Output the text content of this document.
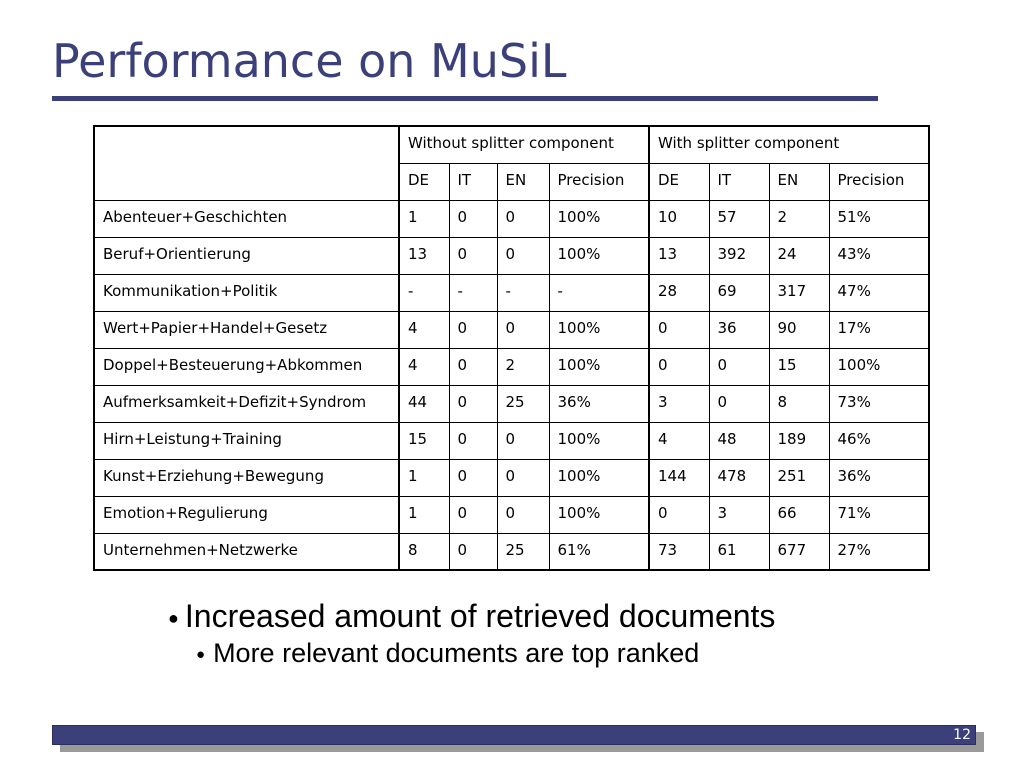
Performance on MuSiL
	Without splitter component				With splitter component			
	DE	IT	EN	Precision	DE	IT	EN	Precision
Abenteuer+Geschichten	1	0	0	100%	10	57	2	51%
Beruf+Orientierung	13	0	0	100%	13	392	24	43%
Kommunikation+Politik	-	-	-	-	28	69	317	47%
Wert+Papier+Handel+Gesetz	4	0	0	100%	0	36	90	17%
Doppel+Besteuerung+Abkommen	4	0	2	100%	0	0	15	100%
Aufmerksamkeit+Defizit+Syndrom	44	0	25	36%	3	0	8	73%
Hirn+Leistung+Training	15	0	0	100%	4	48	189	46%
Kunst+Erziehung+Bewegung	1	0	0	100%	144	478	251	36%
Emotion+Regulierung	1	0	0	100%	0	3	66	71%
Unternehmen+Netzwerke	8	0	25	61%	73	61	677	27%
● Increased amount of retrieved documents
● More relevant documents are top ranked
12
